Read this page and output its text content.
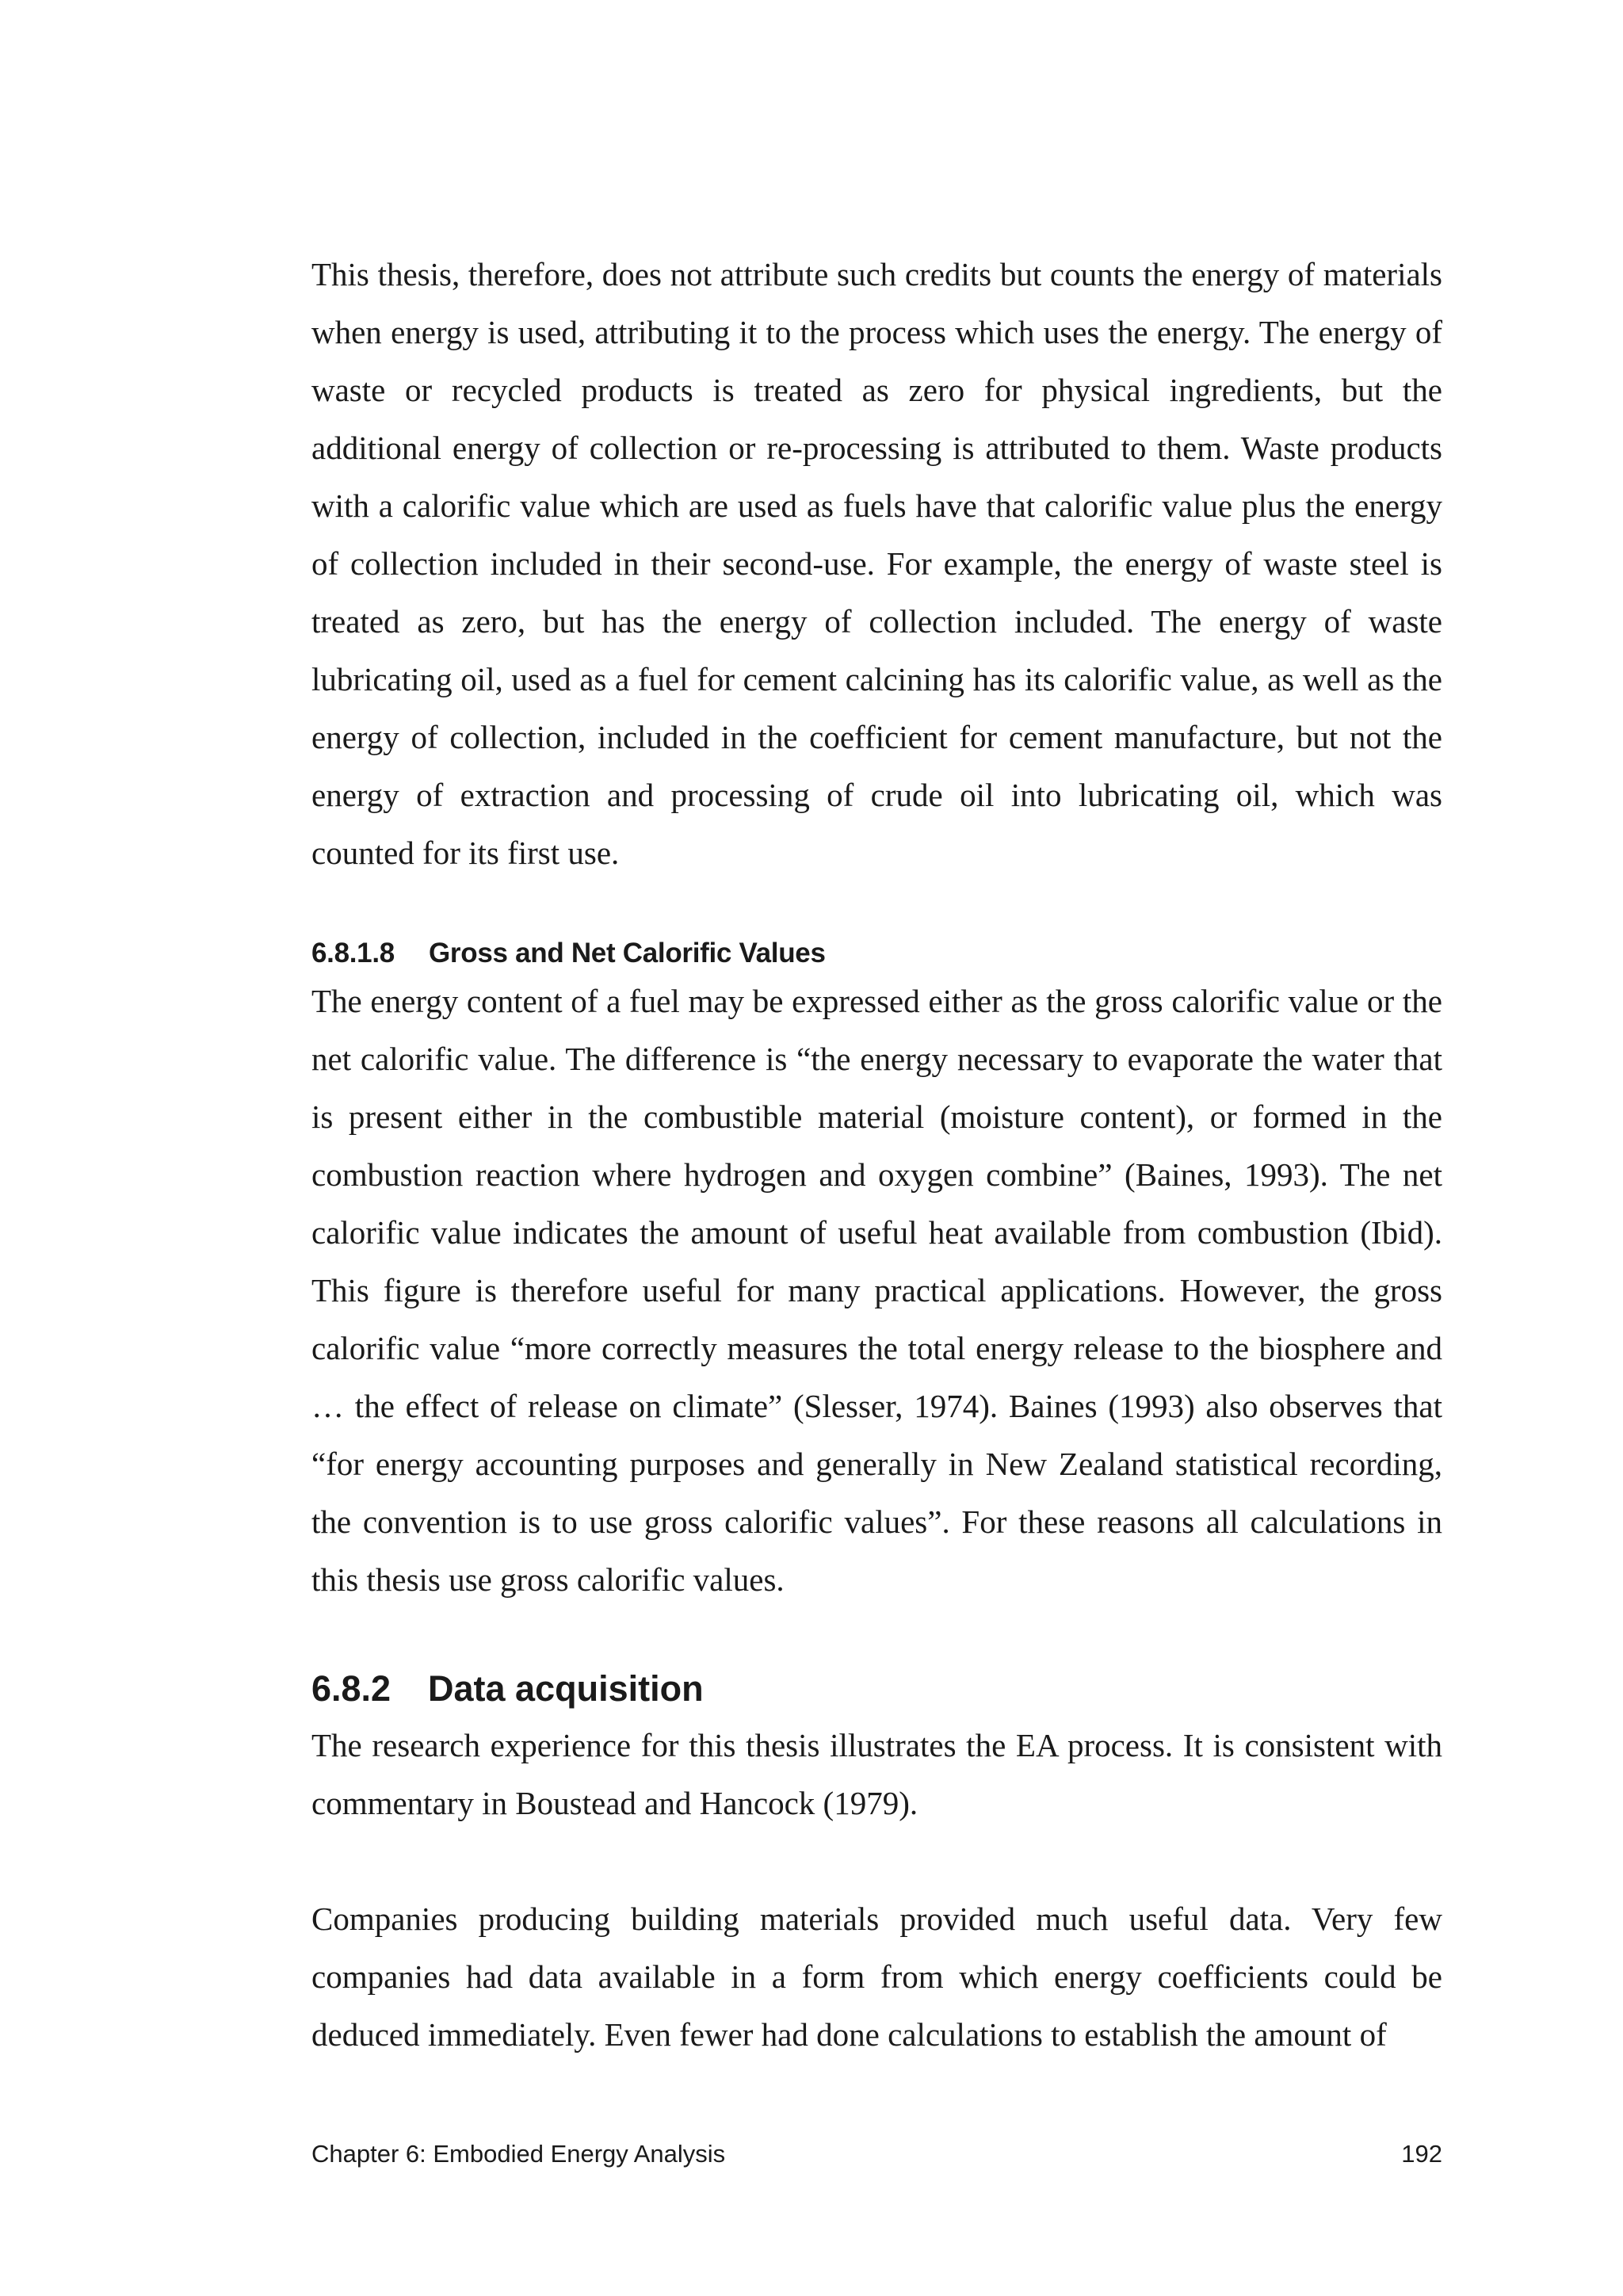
This thesis, therefore, does not attribute such credits but counts the energy of materials when energy is used, attributing it to the process which uses the energy. The energy of waste or recycled products is treated as zero for physical ingredients, but the additional energy of collection or re-processing is attributed to them. Waste products with a calorific value which are used as fuels have that calorific value plus the energy of collection included in their second-use. For example, the energy of waste steel is treated as zero, but has the energy of collection included. The energy of waste lubricating oil, used as a fuel for cement calcining has its calorific value, as well as the energy of collection, included in the coefficient for cement manufacture, but not the energy of extraction and processing of crude oil into lubricating oil, which was counted for its first use.

6.8.1.8 Gross and Net Calorific Values

The energy content of a fuel may be expressed either as the gross calorific value or the net calorific value. The difference is “the energy necessary to evaporate the water that is present either in the combustible material (moisture content), or formed in the combustion reaction where hydrogen and oxygen combine” (Baines, 1993). The net calorific value indicates the amount of useful heat available from combustion (Ibid). This figure is therefore useful for many practical applications. However, the gross calorific value “more correctly measures the total energy release to the biosphere and … the effect of release on climate” (Slesser, 1974). Baines (1993) also observes that “for energy accounting purposes and generally in New Zealand statistical recording, the convention is to use gross calorific values”. For these reasons all calculations in this thesis use gross calorific values.

6.8.2 Data acquisition

The research experience for this thesis illustrates the EA process. It is consistent with commentary in Boustead and Hancock (1979).

Companies producing building materials provided much useful data. Very few companies had data available in a form from which energy coefficients could be deduced immediately. Even fewer had done calculations to establish the amount of

Chapter 6: Embodied Energy Analysis	192
